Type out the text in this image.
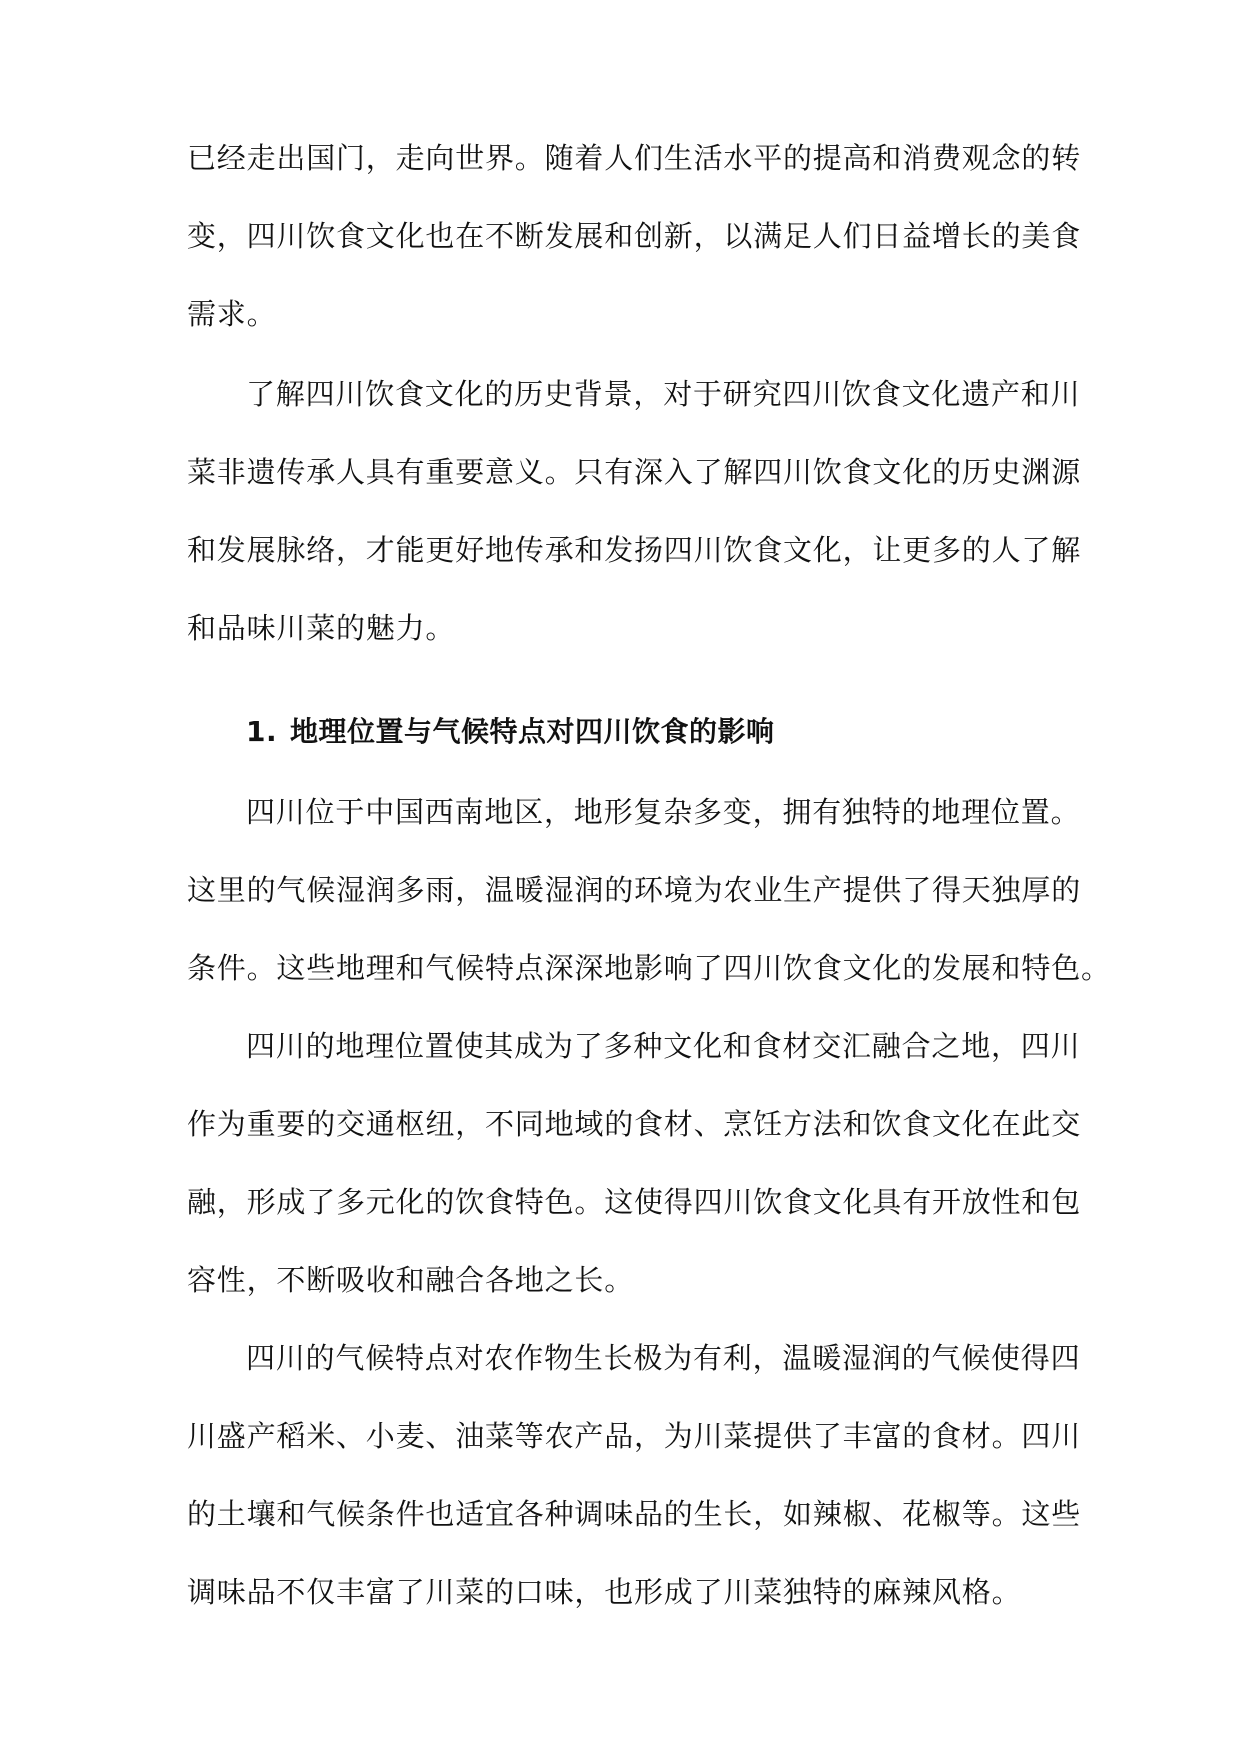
已经走出国门，走向世界。随着人们生活水平的提高和消费观念的转
变，四川饮食文化也在不断发展和创新，以满足人们日益增长的美食
需求。
了解四川饮食文化的历史背景，对于研究四川饮食文化遗产和川
菜非遗传承人具有重要意义。只有深入了解四川饮食文化的历史渊源
和发展脉络，才能更好地传承和发扬四川饮食文化，让更多的人了解
和品味川菜的魅力。
1. 地理位置与气候特点对四川饮食的影响
四川位于中国西南地区，地形复杂多变，拥有独特的地理位置。
这里的气候湿润多雨，温暖湿润的环境为农业生产提供了得天独厚的
条件。这些地理和气候特点深深地影响了四川饮食文化的发展和特色。
四川的地理位置使其成为了多种文化和食材交汇融合之地，四川
作为重要的交通枢纽，不同地域的食材、烹饪方法和饮食文化在此交
融，形成了多元化的饮食特色。这使得四川饮食文化具有开放性和包
容性，不断吸收和融合各地之长。
四川的气候特点对农作物生长极为有利，温暖湿润的气候使得四
川盛产稻米、小麦、油菜等农产品，为川菜提供了丰富的食材。四川
的土壤和气候条件也适宜各种调味品的生长，如辣椒、花椒等。这些
调味品不仅丰富了川菜的口味，也形成了川菜独特的麻辣风格。
